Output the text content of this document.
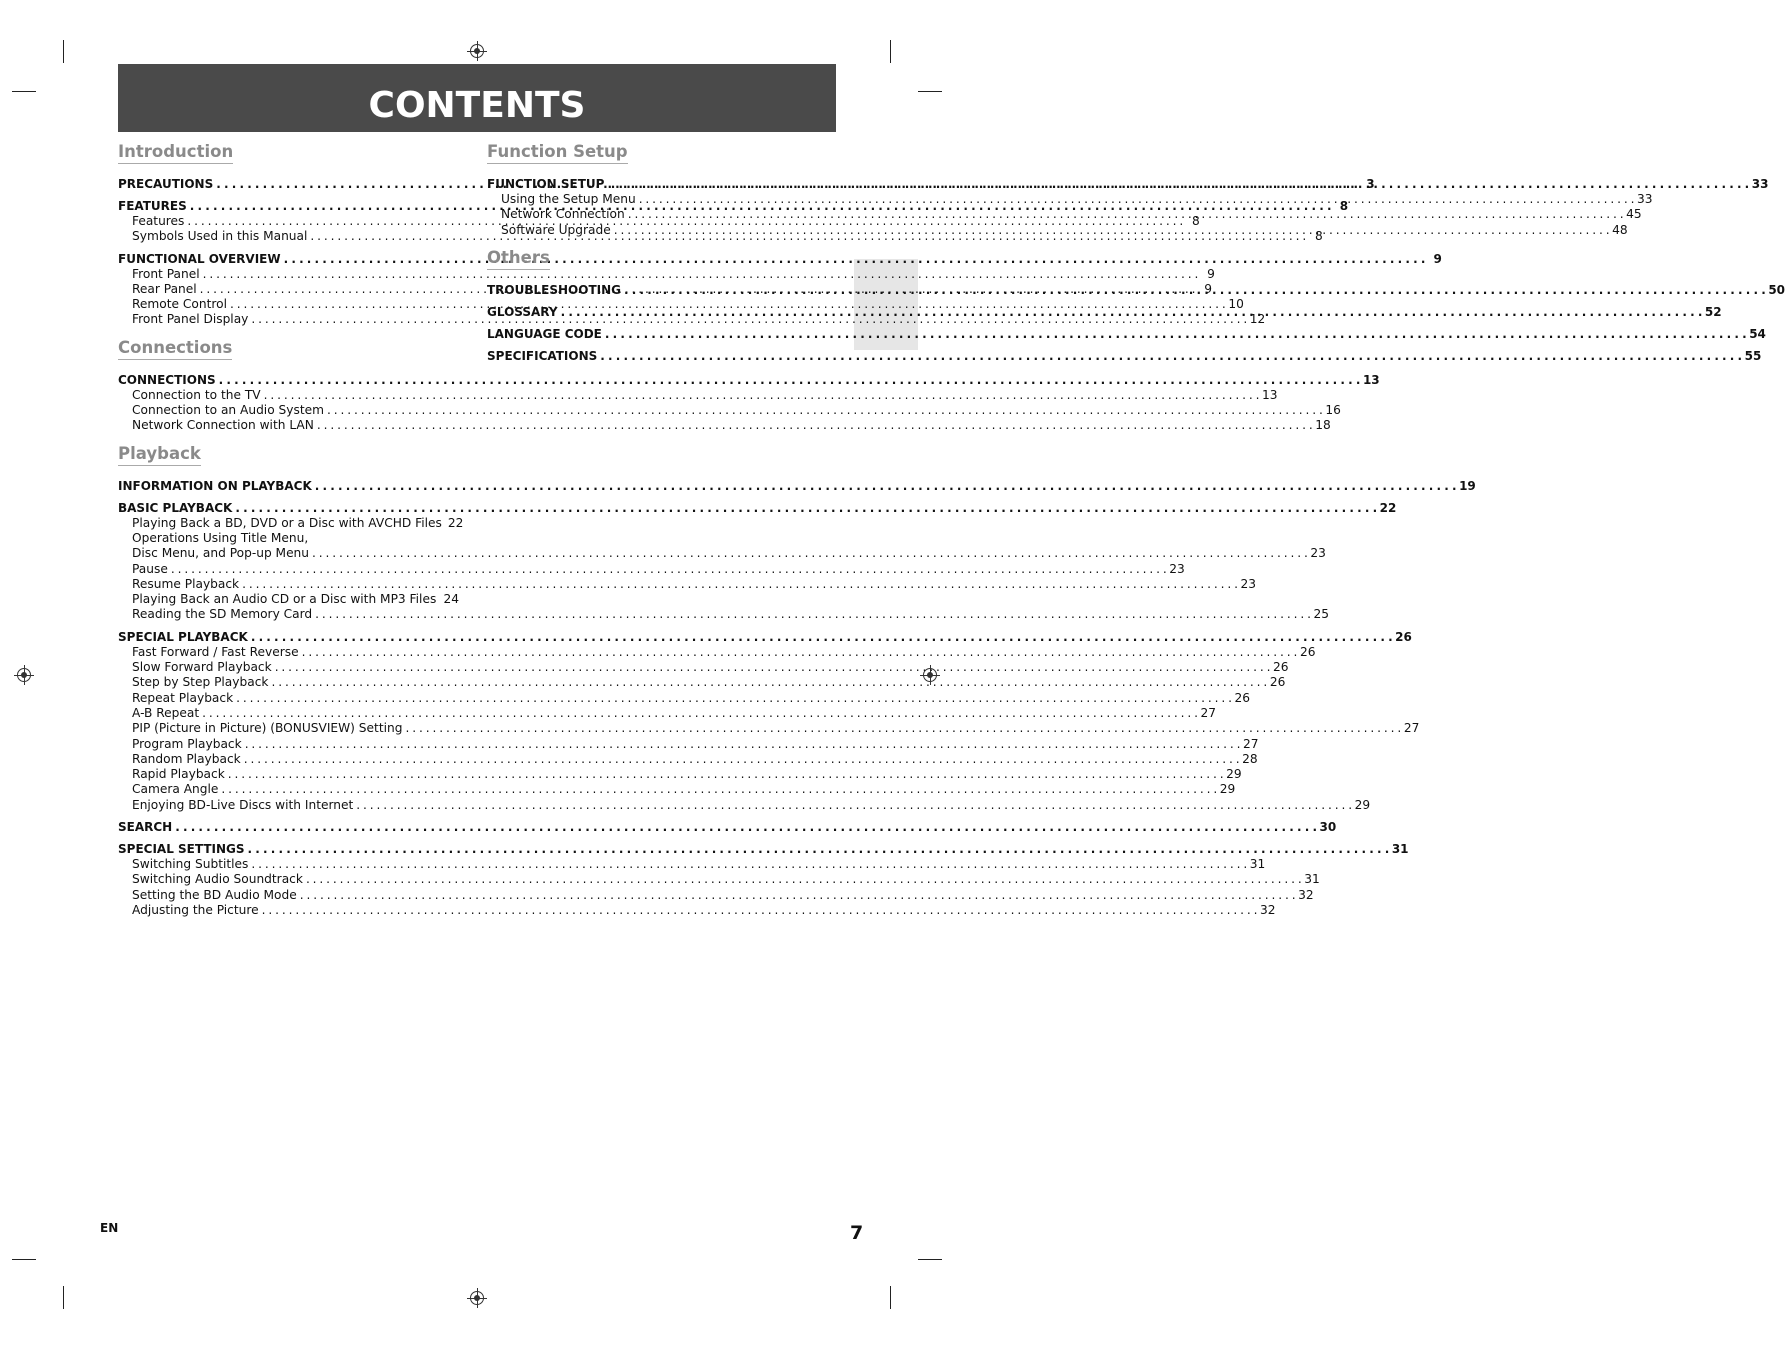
CONTENTS
Introduction
PRECAUTIONS . . .	3
FEATURES . . .	8
Features . . .	8
Symbols Used in this Manual . . .	8
FUNCTIONAL OVERVIEW . . .	9
Front Panel . . .	9
Rear Panel . . .	9
Remote Control . . .	10
Front Panel Display . . .	12
Connections
CONNECTIONS . . .	13
Connection to the TV . . .	13
Connection to an Audio System . . .	16
Network Connection with LAN . . .	18
Playback
INFORMATION ON PLAYBACK . . .	19
BASIC PLAYBACK . . .	22
Playing Back a BD, DVD or a Disc with AVCHD Files 22
Operations Using Title Menu,
Disc Menu, and Pop-up Menu . . .	23
Pause . . .	23
Resume Playback . . .	23
Playing Back an Audio CD or a Disc with MP3 Files . . . 24
Reading the SD Memory Card . . .	25
SPECIAL PLAYBACK . . .	26
Fast Forward / Fast Reverse . . .	26
Slow Forward Playback . . .	26
Step by Step Playback . . .	26
Repeat Playback . . .	26
A-B Repeat . . .	27
PIP (Picture in Picture) (BONUSVIEW) Setting . . .	27
Program Playback . . .	27
Random Playback . . .	28
Rapid Playback . . .	29
Camera Angle . . .	29
Enjoying BD-Live Discs with Internet . . .	29
SEARCH . . .	30
SPECIAL SETTINGS . . .	31
Switching Subtitles . . .	31
Switching Audio Soundtrack . . .	31
Setting the BD Audio Mode . . .	32
Adjusting the Picture . . .	32
Function Setup
FUNCTION SETUP . . .	33
Using the Setup Menu . . .	33
Network Connection . . .	45
Software Upgrade . . .	48
Others
TROUBLESHOOTING . . .	50
GLOSSARY . . .	52
LANGUAGE CODE . . .	54
SPECIFICATIONS . . .	55
EN	7
